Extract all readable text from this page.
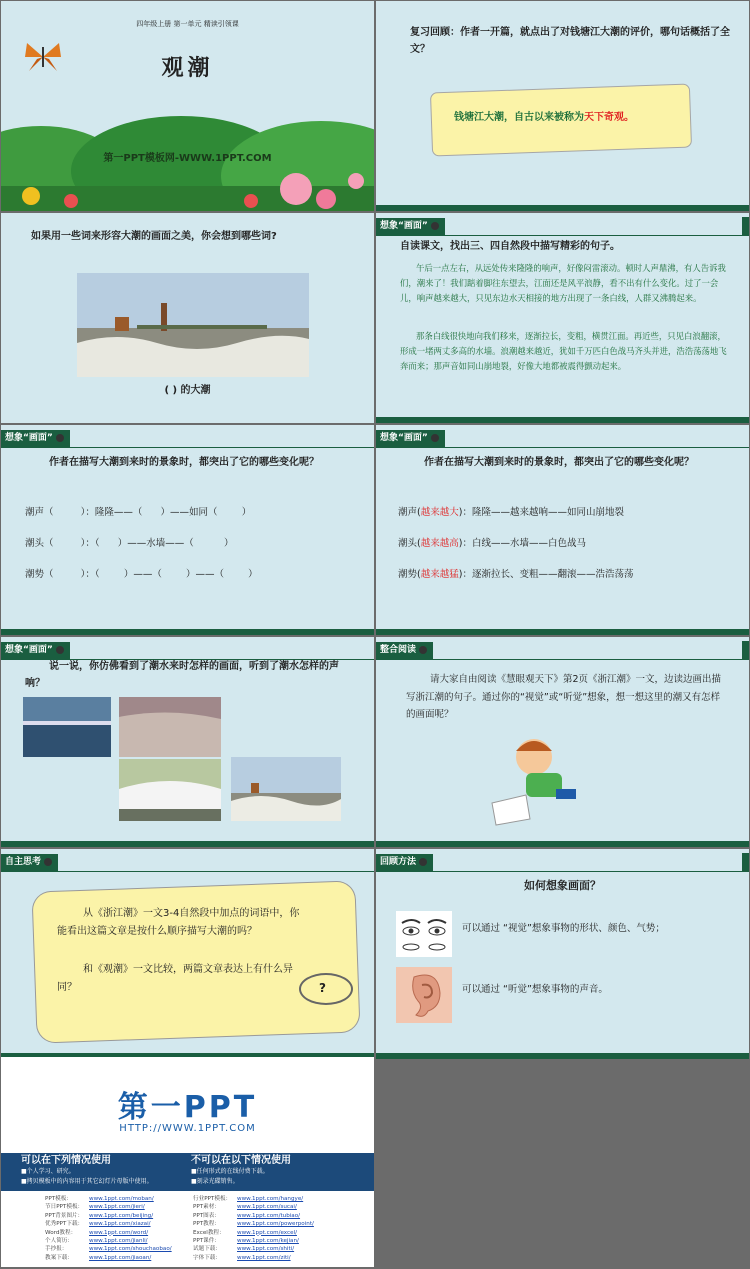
四年级上册 第一单元 精读引领课
观潮
第一PPT模板网-WWW.1PPT.COM
复习回顾：作者一开篇，就点出了对钱塘江大潮的评价，哪句话概括了全文？
钱塘江大潮，自古以来被称为天下奇观。
如果用一些词来形容大潮的画面之美，你会想到哪些词?
( ) 的大潮
想象“画面”
自读课文，找出三、四自然段中描写精彩的句子。
午后一点左右，从远处传来隆隆的响声，好像闷雷滚动。顿时人声鼎沸，有人告诉我们，潮来了！我们踮着脚往东望去，江面还是风平浪静，看不出有什么变化。过了一会儿，响声越来越大，只见东边水天相接的地方出现了一条白线，人群又沸腾起来。
那条白线很快地向我们移来，逐渐拉长，变粗，横贯江面。再近些，只见白浪翻滚，形成一堵两丈多高的水墙。浪潮越来越近，犹如千万匹白色战马齐头并进，浩浩荡荡地飞奔而来；那声音如同山崩地裂，好像大地都被震得颤动起来。
想象“画面”
作者在描写大潮到来时的景象时，都突出了它的哪些变化呢？
潮声（         ）：隆隆——（      ）——如同（        ）
潮头（         ）：（      ）——水墙——（          ）
潮势（         ）：（        ）——（        ）——（        ）
想象“画面”
作者在描写大潮到来时的景象时，都突出了它的哪些变化呢？
潮声(越来越大)：隆隆——越来越响——如同山崩地裂
潮头(越来越高)：白线——水墙——白色战马
潮势(越来越猛)：逐渐拉长、变粗——翻滚——浩浩荡荡
想象“画面”
说一说，你仿佛看到了潮水来时怎样的画面，听到了潮水怎样的声响？
整合阅读
请大家自由阅读《慧眼观天下》第2页《浙江潮》一文，边读边画出描写浙江潮的句子。通过你的“视觉”或“听觉”想象，想一想这里的潮又有怎样的画面呢？
自主思考
从《浙江潮》一文3-4自然段中加点的词语中，你能看出这篇文章是按什么顺序描写大潮的吗？
和《观潮》一文比较，两篇文章表达上有什么异同？	?
回顾方法
如何想象画面？
可以通过 “视觉”想象事物的形状、颜色、气势；
可以通过 “听觉”想象事物的声音。
第一PPT
HTTP://WWW.1PPT.COM
可以在下列情况使用
■个人学习、研究。
■拷贝模板中的内容用于其它幻灯片母版中使用。
不可以在以下情况使用
■任何形式的在线付费下载。
■刻录光碟销售。
PPT模板：	www.1ppt.com/moban/
节日PPT模板： www.1ppt.com/jieri/
PPT背景图片： www.1ppt.com/beijing/
优秀PPT下载： www.1ppt.com/xiazai/
Word教程： www.1ppt.com/word/
个人简历：	www.1ppt.com/jianli/
手抄报：	www.1ppt.com/shouchaobao/
教案下载：	www.1ppt.com/jiaoan/
行业PPT模板： www.1ppt.com/hangye/
PPT素材：	www.1ppt.com/sucai/
PPT图表：	www.1ppt.com/tubiao/
PPT教程：	www.1ppt.com/powerpoint/
Excel教程： www.1ppt.com/excel/
PPT课件：	www.1ppt.com/kejian/
试题下载：	www.1ppt.com/shiti/
字体下载：	www.1ppt.com/ziti/
